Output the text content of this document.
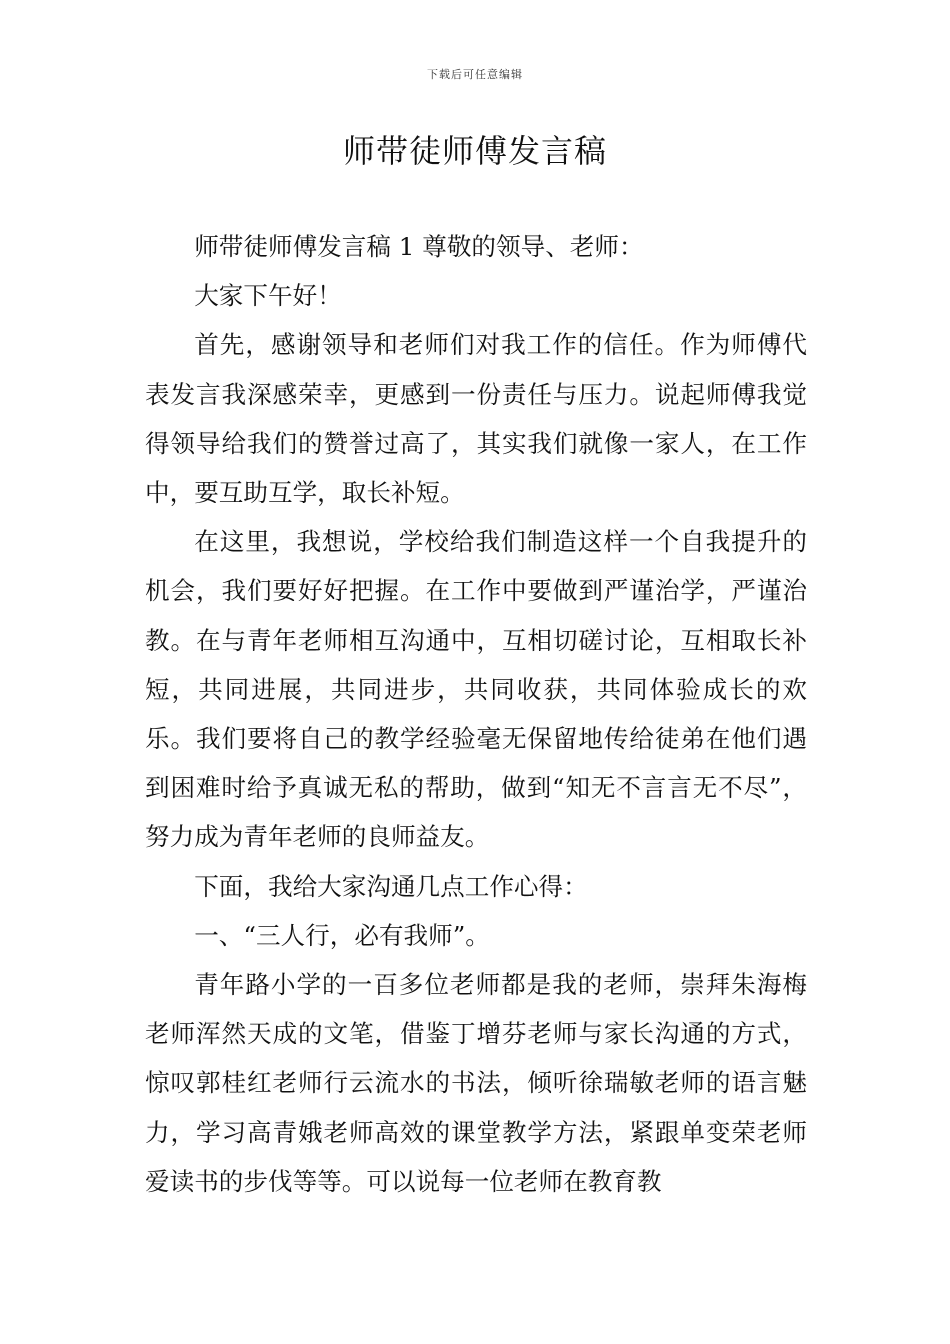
下载后可任意编辑
师带徒师傅发言稿

师带徒师傅发言稿 1 尊敬的领导、老师：

大家下午好！

首先，感谢领导和老师们对我工作的信任。作为师傅代表发言我深感荣幸，更感到一份责任与压力。说起师傅我觉得领导给我们的赞誉过高了，其实我们就像一家人，在工作中，要互助互学，取长补短。

在这里，我想说，学校给我们制造这样一个自我提升的机会，我们要好好把握。在工作中要做到严谨治学，严谨治教。在与青年老师相互沟通中，互相切磋讨论，互相取长补短，共同进展，共同进步，共同收获，共同体验成长的欢乐。我们要将自己的教学经验毫无保留地传给徒弟在他们遇到困难时给予真诚无私的帮助，做到“知无不言言无不尽”，努力成为青年老师的良师益友。

下面，我给大家沟通几点工作心得：

一、“三人行，必有我师”。

青年路小学的一百多位老师都是我的老师，崇拜朱海梅老师浑然天成的文笔，借鉴丁增芬老师与家长沟通的方式，惊叹郭桂红老师行云流水的书法，倾听徐瑞敏老师的语言魅力，学习高青娥老师高效的课堂教学方法，紧跟单变荣老师爱读书的步伐等等。可以说每一位老师在教育教
